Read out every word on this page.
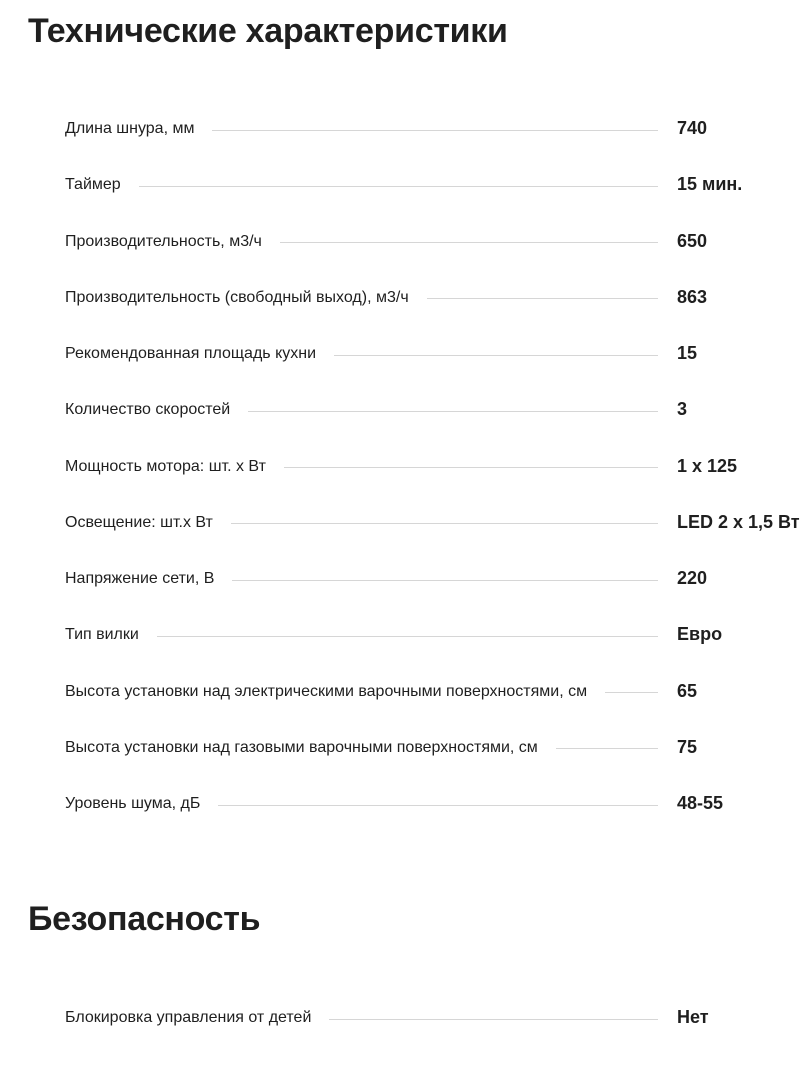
Технические характеристики
Длина шнура, мм	740
Таймер	15 мин.
Производительность, м3/ч	650
Производительность (свободный выход), м3/ч	863
Рекомендованная площадь кухни	15
Количество скоростей	3
Мощность мотора: шт. х Вт	1 х 125
Освещение: шт.х Вт	LED 2 х 1,5 Вт
Напряжение сети, В	220
Тип вилки	Евро
Высота установки над электрическими варочными поверхностями, см	65
Высота установки над газовыми варочными поверхностями, см	75
Уровень шума, дБ	48-55
Безопасность
Блокировка управления от детей	Нет
